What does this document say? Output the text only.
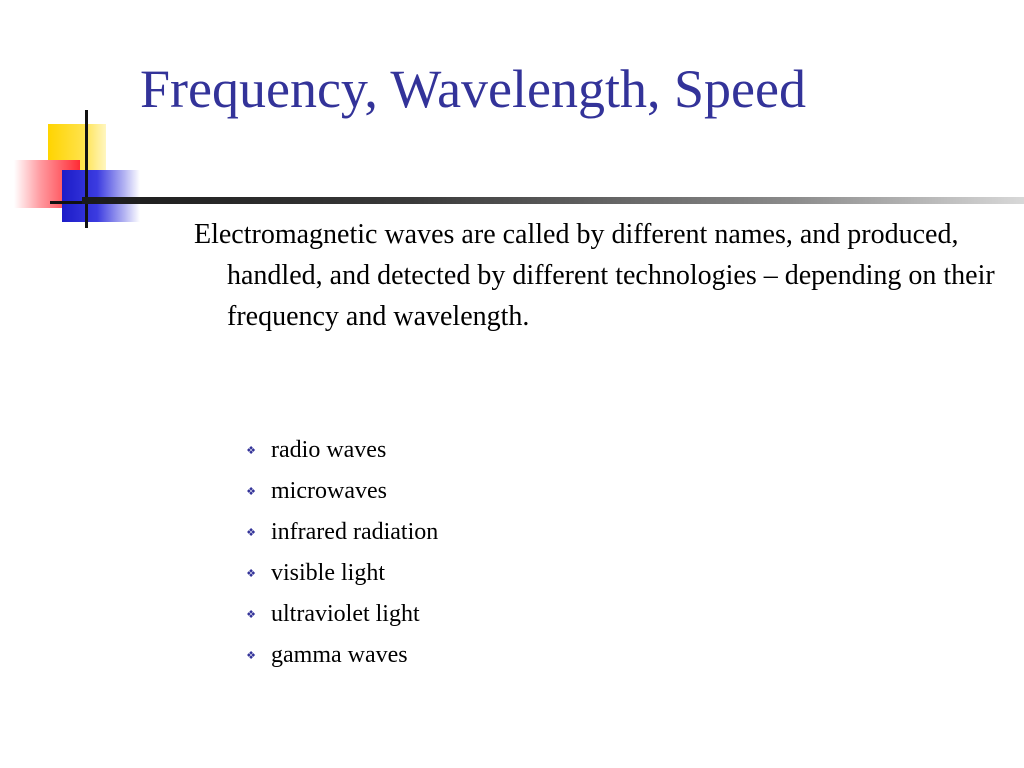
Frequency, Wavelength, Speed

Electromagnetic waves are called by different names, and produced, handled, and detected by different technologies – depending on their frequency and wavelength.

❖ radio waves
❖ microwaves
❖ infrared radiation
❖ visible light
❖ ultraviolet light
❖ gamma waves
